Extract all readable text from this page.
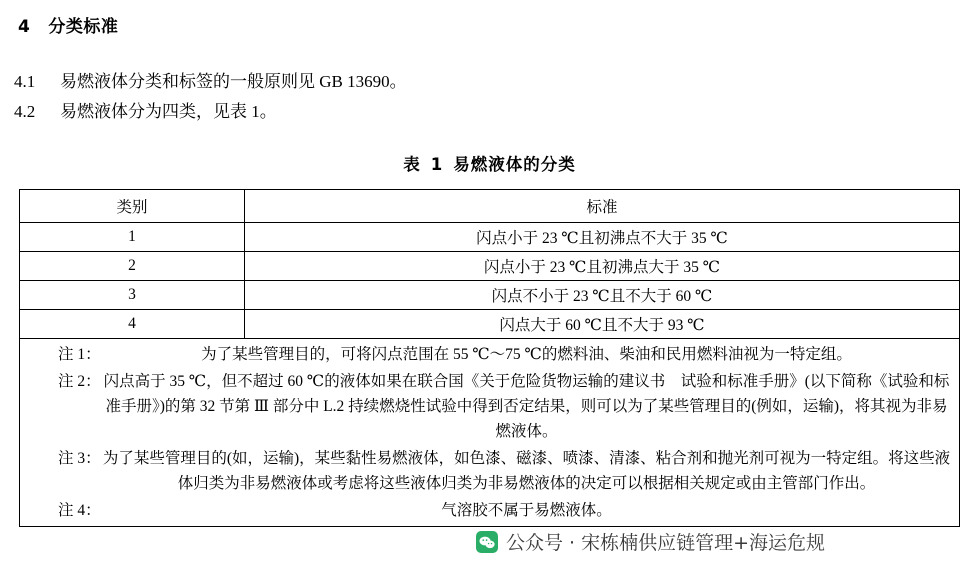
4 分类标准
4.1 易燃液体分类和标签的一般原则见 GB 13690。
4.2 易燃液体分为四类，见表 1。
表 1 易燃液体的分类
类别	标准
1	闪点小于 23 ℃且初沸点不大于 35 ℃
2	闪点小于 23 ℃且初沸点大于 35 ℃
3	闪点不小于 23 ℃且不大于 60 ℃
4	闪点大于 60 ℃且不大于 93 ℃

注 1：	为了某些管理目的，可将闪点范围在 55 ℃～75 ℃的燃料油、柴油和民用燃料油视为一特定组。
注 2： 闪点高于 35 ℃，但不超过 60 ℃的液体如果在联合国《关于危险货物运输的建议书　试验和标准手册》(以下简称《试验和标准手册》)的第 32 节第 Ⅲ 部分中 L.2 持续燃烧性试验中得到否定结果，则可以为了某些管理目的(例如，运输)，将其视为非易燃液体。
注 3： 为了某些管理目的(如，运输)，某些黏性易燃液体，如色漆、磁漆、喷漆、清漆、粘合剂和抛光剂可视为一特定组。将这些液体归类为非易燃液体或考虑将这些液体归类为非易燃液体的决定可以根据相关规定或由主管部门作出。
注 4：	气溶胶不属于易燃液体。
公众号 · 宋栋楠供应链管理+海运危规
